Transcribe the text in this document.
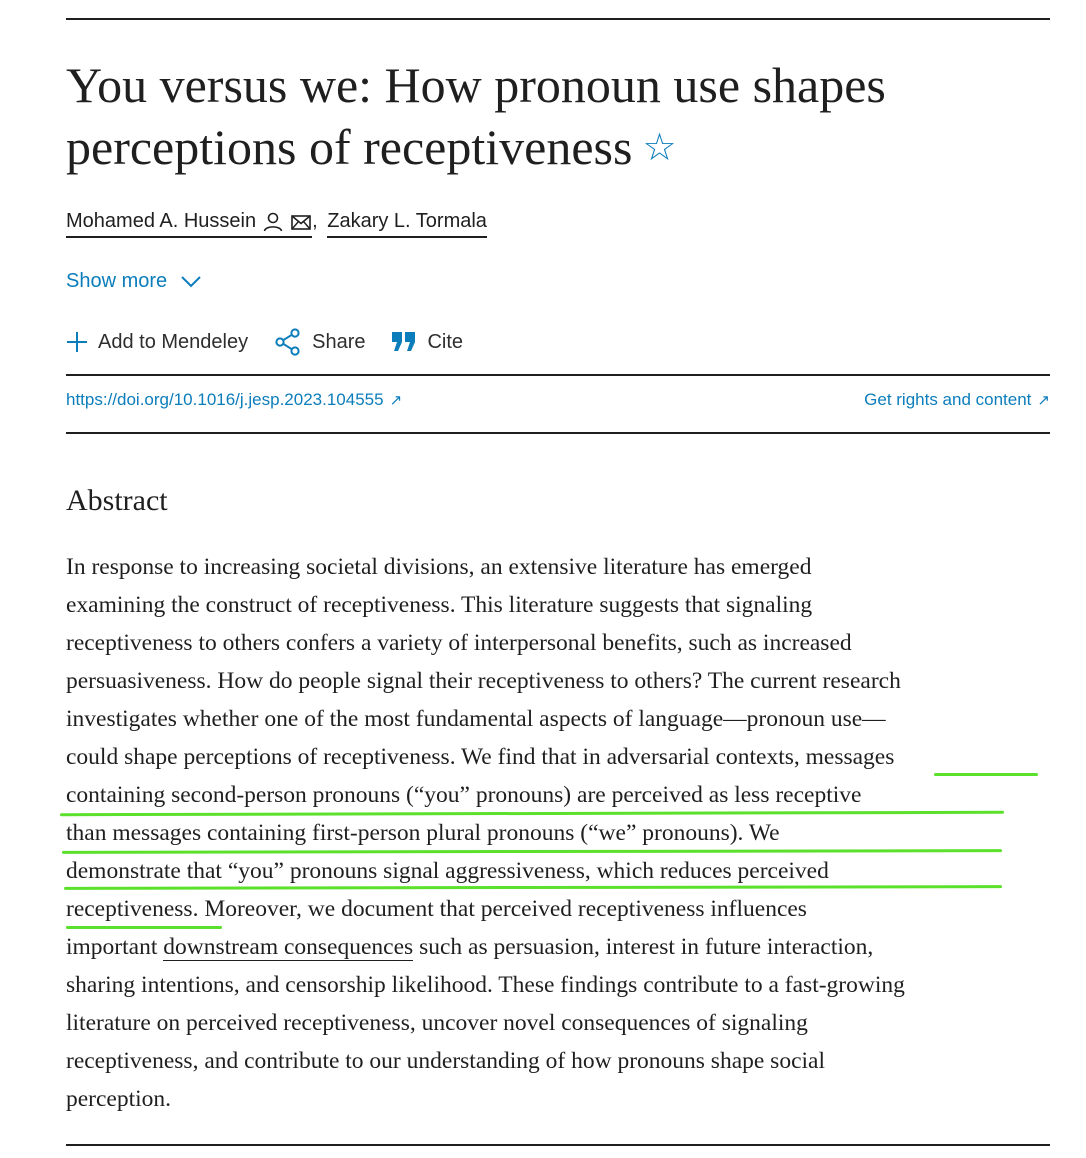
You versus we: How pronoun use shapes perceptions of receptiveness ☆
Mohamed A. Hussein	, Zakary L. Tormala
Show more
Add to Mendeley	Share	Cite
https://doi.org/10.1016/j.jesp.2023.104555 ↗	Get rights and content ↗
Abstract

In response to increasing societal divisions, an extensive literature has emerged
examining the construct of receptiveness. This literature suggests that signaling
receptiveness to others confers a variety of interpersonal benefits, such as increased
persuasiveness. How do people signal their receptiveness to others? The current research
investigates whether one of the most fundamental aspects of language—pronoun use—
could shape perceptions of receptiveness. We find that in adversarial contexts, messages
containing second-person pronouns (“you” pronouns) are perceived as less receptive
than messages containing first-person plural pronouns (“we” pronouns). We
demonstrate that “you” pronouns signal aggressiveness, which reduces perceived
receptiveness. Moreover, we document that perceived receptiveness influences
important downstream consequences such as persuasion, interest in future interaction,
sharing intentions, and censorship likelihood. These findings contribute to a fast-growing
literature on perceived receptiveness, uncover novel consequences of signaling
receptiveness, and contribute to our understanding of how pronouns shape social
perception.
